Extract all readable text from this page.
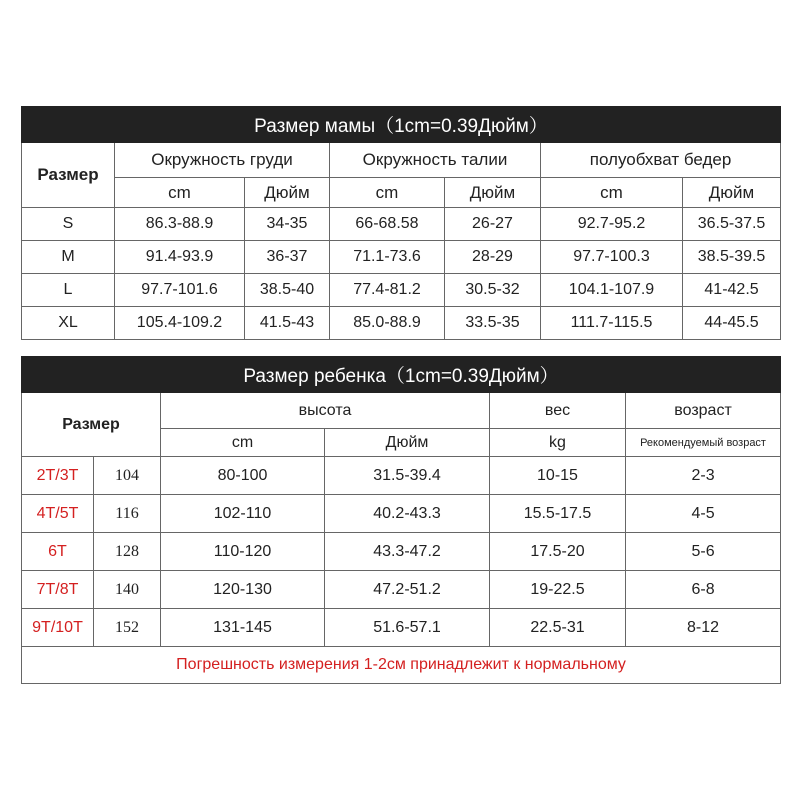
Размер мамы（1cm=0.39Дюйм）						
Размер	Окружность груди		Окружность талии		полуобхват бедер	
	cm	Дюйм	cm	Дюйм	cm	Дюйм
S	86.3-88.9	34-35	66-68.58	26-27	92.7-95.2	36.5-37.5
M	91.4-93.9	36-37	71.1-73.6	28-29	97.7-100.3	38.5-39.5
L	97.7-101.6	38.5-40	77.4-81.2	30.5-32	104.1-107.9	41-42.5
XL	105.4-109.2	41.5-43	85.0-88.9	33.5-35	111.7-115.5	44-45.5
Размер ребенка（1cm=0.39Дюйм）					
Размер		высота		вес	возраст
		cm	Дюйм	kg	Рекомендуемый возраст
2T/3T	104	80-100	31.5-39.4	10-15	2-3
4T/5T	116	102-110	40.2-43.3	15.5-17.5	4-5
6T	128	110-120	43.3-47.2	17.5-20	5-6
7T/8T	140	120-130	47.2-51.2	19-22.5	6-8
9T/10T	152	131-145	51.6-57.1	22.5-31	8-12
Погрешность измерения 1-2см принадлежит к нормальному					
